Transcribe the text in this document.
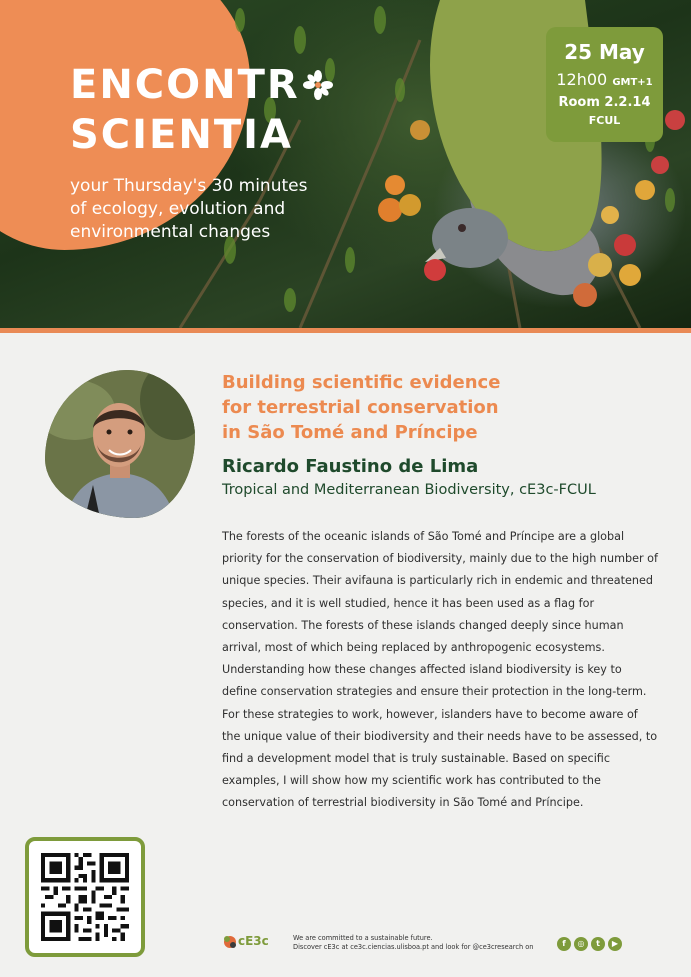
ENCONTR
SCIENTIA

your Thursday's 30 minutes
of ecology, evolution and
environmental changes

25 May
12h00 GMT+1
Room 2.2.14
FCUL
Building scientific evidence
for terrestrial conservation
in São Tomé and Príncipe
Ricardo Faustino de Lima

Tropical and Mediterranean Biodiversity, cE3c-FCUL

The forests of the oceanic islands of São Tomé and Príncipe are a global
priority for the conservation of biodiversity, mainly due to the high number of
unique species. Their avifauna is particularly rich in endemic and threatened
species, and it is well studied, hence it has been used as a flag for
conservation. The forests of these islands changed deeply since human
arrival, most of which being replaced by anthropogenic ecosystems.
Understanding how these changes affected island biodiversity is key to
define conservation strategies and ensure their protection in the long-term.
For these strategies to work, however, islanders have to become aware of
the unique value of their biodiversity and their needs have to be assessed, to
find a development model that is truly sustainable. Based on specific
examples, I will show how my scientific work has contributed to the
conservation of terrestrial biodiversity in São Tomé and Príncipe.
cE3c	We are committed to a sustainable future.
Discover cE3c at ce3c.ciencias.ulisboa.pt and look for @ce3cresearch on	f	◎	t	▶
